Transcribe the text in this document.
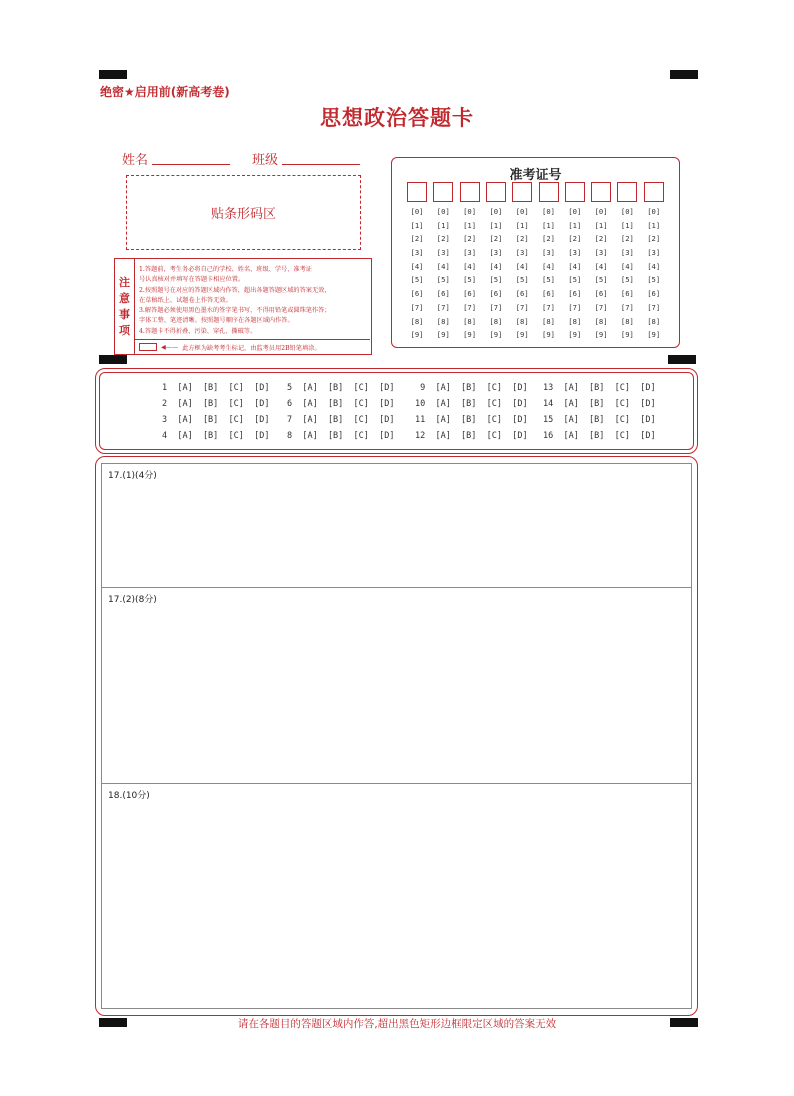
绝密★启用前(新高考卷)
思想政治答题卡
姓名	班级
贴条形码区
注
意
事
项
1.答题前，考生务必将自己的学校、姓名、班级、学号、准考证
号认真核对并填写在答题卡相应位置。
2.按照题号在对应的答题区域内作答，超出各题答题区域的答案无效，
在草稿纸上、试题卷上作答无效。
3.解答题必须使用黑色墨水的签字笔书写，不得用铅笔或圆珠笔作答；
字体工整、笔迹清晰。按照题号顺序在各题区域内作答。
4.答题卡不得折叠、污染、穿孔、撕破等。
◀—— 此方框为缺考考生标记，由监考员用2B铅笔填涂。
准考证号
[0]
[1]
[2]
[3]
[4]
[5]
[6]
[7]
[8]
[9]
[0]
[1]
[2]
[3]
[4]
[5]
[6]
[7]
[8]
[9]
[0]
[1]
[2]
[3]
[4]
[5]
[6]
[7]
[8]
[9]
[0]
[1]
[2]
[3]
[4]
[5]
[6]
[7]
[8]
[9]
[0]
[1]
[2]
[3]
[4]
[5]
[6]
[7]
[8]
[9]
[0]
[1]
[2]
[3]
[4]
[5]
[6]
[7]
[8]
[9]
[0]
[1]
[2]
[3]
[4]
[5]
[6]
[7]
[8]
[9]
[0]
[1]
[2]
[3]
[4]
[5]
[6]
[7]
[8]
[9]
[0]
[1]
[2]
[3]
[4]
[5]
[6]
[7]
[8]
[9]
[0]
[1]
[2]
[3]
[4]
[5]
[6]
[7]
[8]
[9]
1  [A]  [B]  [C]  [D]
2  [A]  [B]  [C]  [D]
3  [A]  [B]  [C]  [D]
4  [A]  [B]  [C]  [D]
5  [A]  [B]  [C]  [D]
6  [A]  [B]  [C]  [D]
7  [A]  [B]  [C]  [D]
8  [A]  [B]  [C]  [D]
9  [A]  [B]  [C]  [D]
10  [A]  [B]  [C]  [D]
11  [A]  [B]  [C]  [D]
12  [A]  [B]  [C]  [D]
13  [A]  [B]  [C]  [D]
14  [A]  [B]  [C]  [D]
15  [A]  [B]  [C]  [D]
16  [A]  [B]  [C]  [D]
17.(1)(4分)
17.(2)(8分)
18.(10分)
请在各题目的答题区域内作答,超出黑色矩形边框限定区域的答案无效
